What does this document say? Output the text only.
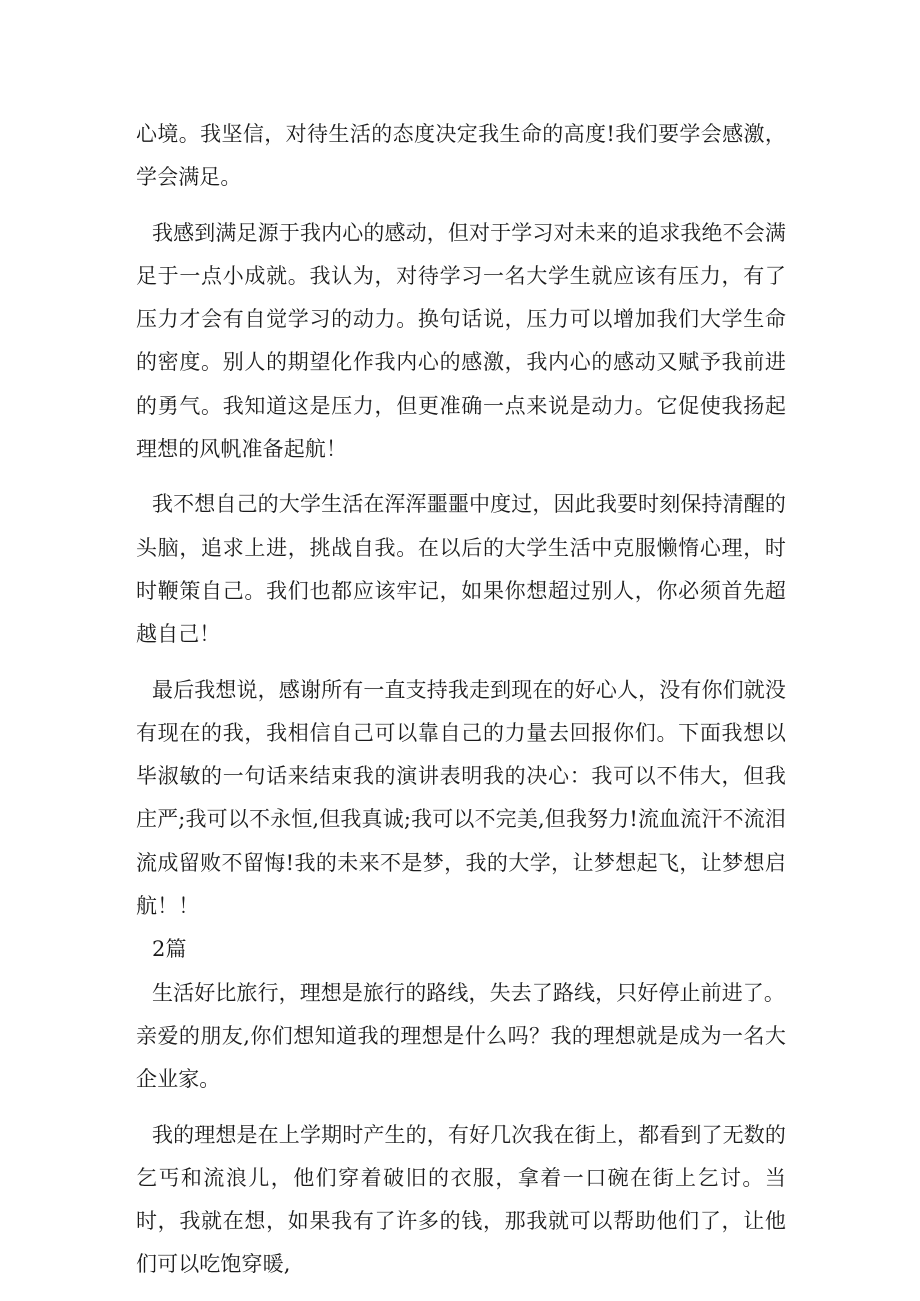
心境。我坚信，对待生活的态度决定我生命的高度!我们要学会感激，学会满足。

我感到满足源于我内心的感动，但对于学习对未来的追求我绝不会满足于一点小成就。我认为，对待学习一名大学生就应该有压力，有了压力才会有自觉学习的动力。换句话说，压力可以增加我们大学生命的密度。别人的期望化作我内心的感激，我内心的感动又赋予我前进的勇气。我知道这是压力，但更准确一点来说是动力。它促使我扬起理想的风帆准备起航！

我不想自己的大学生活在浑浑噩噩中度过，因此我要时刻保持清醒的头脑，追求上进，挑战自我。在以后的大学生活中克服懒惰心理，时时鞭策自己。我们也都应该牢记，如果你想超过别人，你必须首先超越自己！

最后我想说，感谢所有一直支持我走到现在的好心人，没有你们就没有现在的我，我相信自己可以靠自己的力量去回报你们。下面我想以毕淑敏的一句话来结束我的演讲表明我的决心：我可以不伟大，但我庄严;我可以不永恒,但我真诚;我可以不完美,但我努力!流血流汗不流泪流成留败不留悔!我的未来不是梦，我的大学，让梦想起飞，让梦想启航！！

2篇

生活好比旅行，理想是旅行的路线，失去了路线，只好停止前进了。

亲爱的朋友,你们想知道我的理想是什么吗？我的理想就是成为一名大企业家。

我的理想是在上学期时产生的，有好几次我在街上，都看到了无数的乞丐和流浪儿，他们穿着破旧的衣服，拿着一口碗在街上乞讨。当时，我就在想，如果我有了许多的钱，那我就可以帮助他们了，让他们可以吃饱穿暖,
